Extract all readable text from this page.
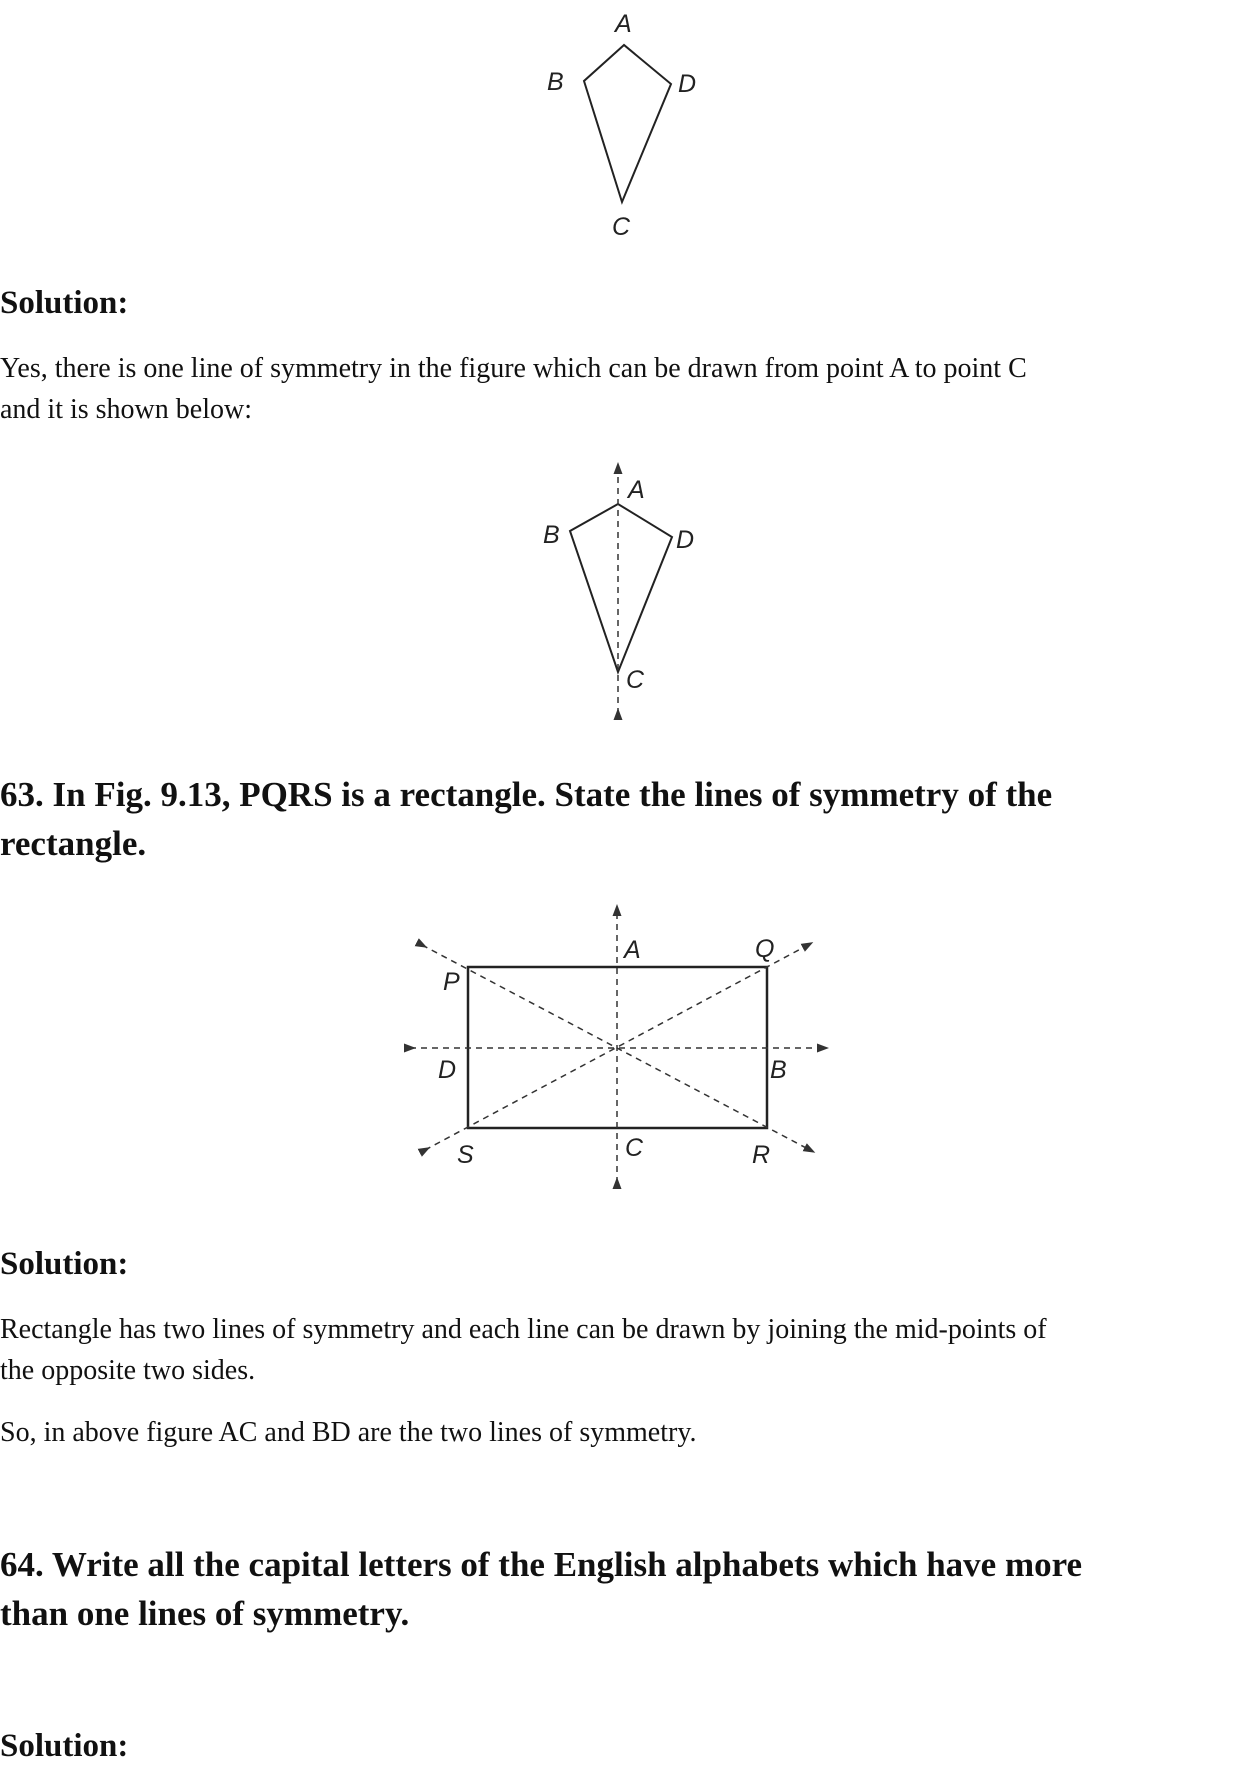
A
B	D
C
A
B	D
C
P
Q
R
S
A
B
C
D
Solution:
Yes, there is one line of symmetry in the figure which can be drawn from point A to point C
and it is shown below:
63. In Fig. 9.13, PQRS is a rectangle. State the lines of symmetry of the
rectangle.
Solution:
Rectangle has two lines of symmetry and each line can be drawn by joining the mid-points of
the opposite two sides.
So, in above figure AC and BD are the two lines of symmetry.
64. Write all the capital letters of the English alphabets which have more
than one lines of symmetry.
Solution:
